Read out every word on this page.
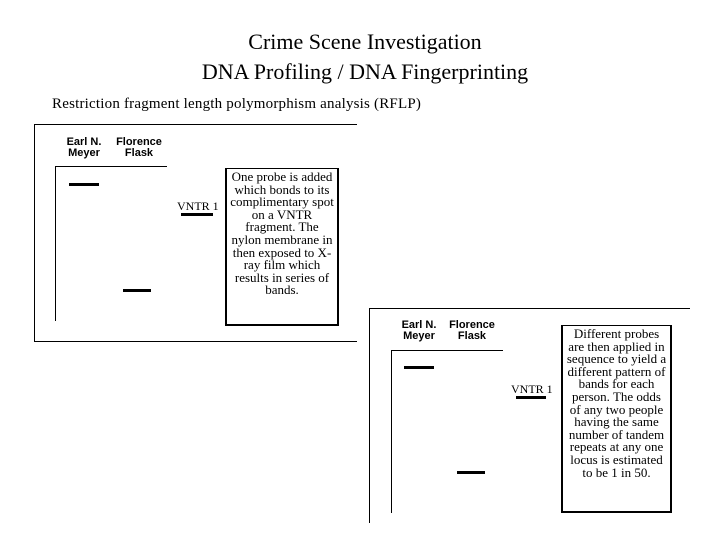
Crime Scene Investigation
DNA Profiling / DNA Fingerprinting
Restriction fragment length polymorphism analysis (RFLP)
Earl N.
Meyer
Florence
Flask
VNTR 1
One probe is added which bonds to its complimentary spot on a VNTR fragment. The nylon membrane in then exposed to X-ray film which results in series of bands.
Earl N.
Meyer
Florence
Flask
VNTR 1
Different probes are then applied in sequence to yield a different pattern of bands for each person. The odds of any two people having the same number of tandem repeats at any one locus is estimated to be 1 in 50.
